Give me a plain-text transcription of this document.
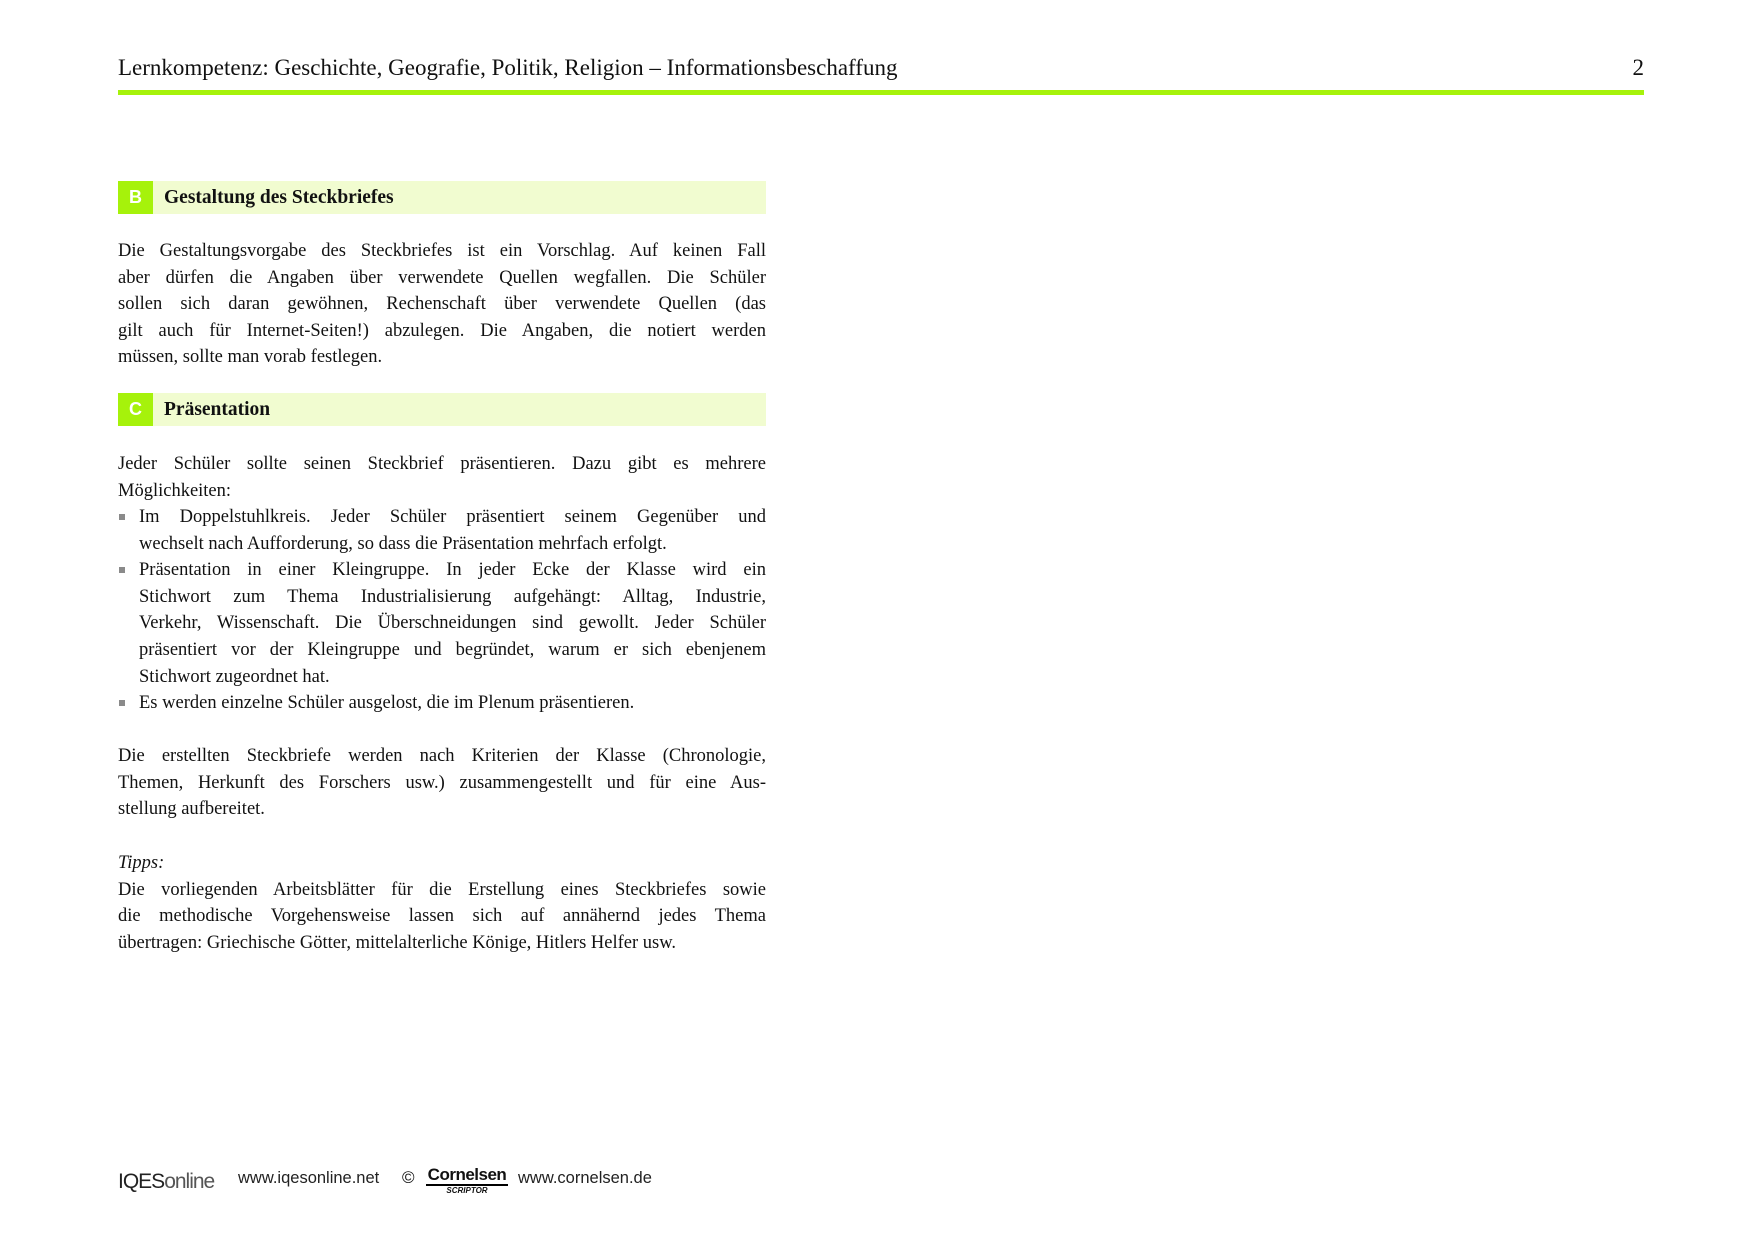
Lernkompetenz: Geschichte, Geografie, Politik, Religion – Informationsbeschaffung	2
B	Gestaltung des Steckbriefes
Die Gestaltungsvorgabe des Steckbriefes ist ein Vorschlag. Auf keinen Fall
aber dürfen die Angaben über verwendete Quellen wegfallen. Die Schüler
sollen sich daran gewöhnen, Rechenschaft über verwendete Quellen (das
gilt auch für Internet-Seiten!) abzulegen. Die Angaben, die notiert werden
müssen, sollte man vorab festlegen.
C	Präsentation
Jeder Schüler sollte seinen Steckbrief präsentieren. Dazu gibt es mehrere
Möglichkeiten:
Im Doppelstuhlkreis. Jeder Schüler präsentiert seinem Gegenüber und
wechselt nach Aufforderung, so dass die Präsentation mehrfach erfolgt.
Präsentation in einer Kleingruppe. In jeder Ecke der Klasse wird ein
Stichwort zum Thema Industrialisierung aufgehängt: Alltag, Industrie,
Verkehr, Wissenschaft. Die Überschneidungen sind gewollt. Jeder Schüler
präsentiert vor der Kleingruppe und begründet, warum er sich ebenjenem
Stichwort zugeordnet hat.
Es werden einzelne Schüler ausgelost, die im Plenum präsentieren.
Die erstellten Steckbriefe werden nach Kriterien der Klasse (Chronologie,
Themen, Herkunft des Forschers usw.) zusammengestellt und für eine Aus-
stellung aufbereitet.
Tipps:
Die vorliegenden Arbeitsblätter für die Erstellung eines Steckbriefes sowie
die methodische Vorgehensweise lassen sich auf annähernd jedes Thema
übertragen: Griechische Götter, mittelalterliche Könige, Hitlers Helfer usw.
IQESonline www.iqesonline.net © Cornelsen
SCRIPTOR
www.cornelsen.de
